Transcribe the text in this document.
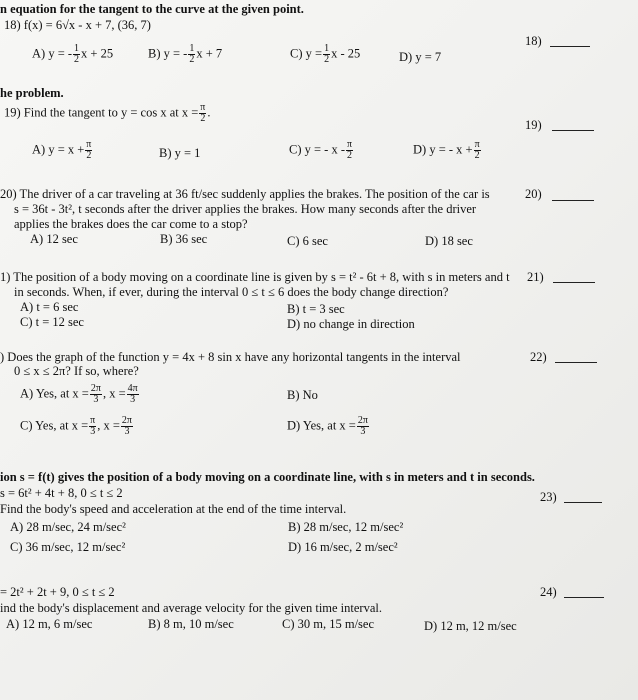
n equation for the tangent to the curve at the given point.
18) f(x) = 6√x - x + 7, (36, 7)
18)
A) y = - $\frac{1}{2}$ x + 25	B) y = - $\frac{1}{2}$ x + 7	C) $y = \frac{1}{2}$ x - 25	D) y = 7
he problem.
19) Find the tangent to y = cos x at $x = \frac{\pi}{2}$ .
19)
A) $y = x + \frac{\pi}{2}$	B) y = 1	C) y = - x - $\frac{\pi}{2}$	D) y = - $x + \frac{\pi}{2}$
20) The driver of a car traveling at 36 ft/sec suddenly applies the brakes. The position of the car is	20)
s = 36t - 3t², t seconds after the driver applies the brakes. How many seconds after the driver
applies the brakes does the car come to a stop?
A) 12 sec	B) 36 sec	C) 6 sec	D) 18 sec
1) The position of a body moving on a coordinate line is given by s = t² - 6t + 8, with s in meters and t 21)
in seconds. When, if ever, during the interval 0 ≤ t ≤ 6 does the body change direction?
A) t = 6 sec	B) t = 3 sec
C) t = 12 sec	D) no change in direction
) Does the graph of the function y = 4x + 8 sin x have any horizontal tangents in the interval	22)
0 ≤ x ≤ 2π? If so, where?
A) Yes, at $x = \frac{2\pi}{3}$ , $x = \frac{4\pi}{3}$	B) No
C) Yes, at $x = \frac{\pi}{3}$ , $x = \frac{2\pi}{3}$	D) Yes, at $x = \frac{2\pi}{3}$
ion s = f(t) gives the position of a body moving on a coordinate line, with s in meters and t in seconds.
s = 6t² + 4t + 8, 0 ≤ t ≤ 2	23)
Find the body's speed and acceleration at the end of the time interval.
A) 28 m/sec, 24 m/sec²	B) 28 m/sec, 12 m/sec²
C) 36 m/sec, 12 m/sec²	D) 16 m/sec, 2 m/sec²
= 2t² + 2t + 9, 0 ≤ t ≤ 2	24)
ind the body's displacement and average velocity for the given time interval.
A) 12 m, 6 m/sec	B) 8 m, 10 m/sec	C) 30 m, 15 m/sec	D) 12 m, 12 m/sec
